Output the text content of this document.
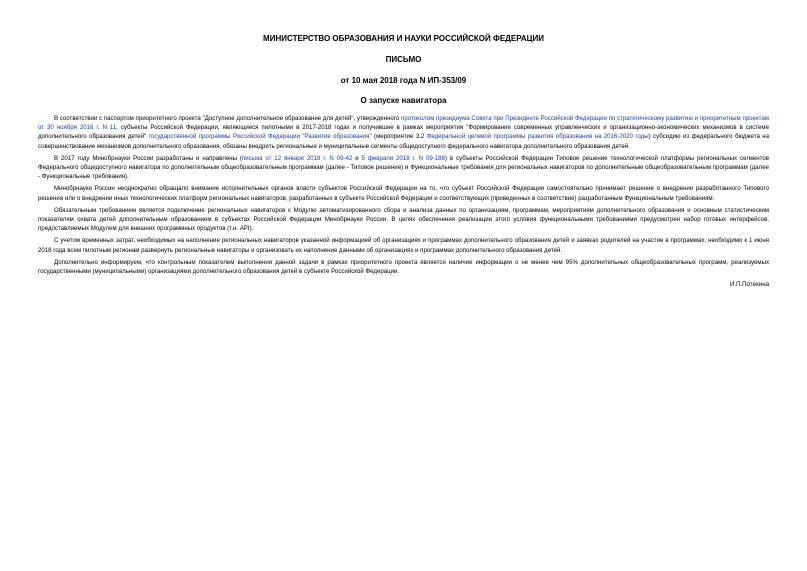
МИНИСТЕРСТВО ОБРАЗОВАНИЯ И НАУКИ РОССИЙСКОЙ ФЕДЕРАЦИИ

ПИСЬМО

от 10 мая 2018 года N ИП-353/09

О запуске навигатора

В соответствии с паспортом приоритетного проекта "Доступное дополнительное образование для детей", утвержденного протоколом президиума Совета при Президенте Российской Федерации по стратегическому развитию и приоритетным проектам от 30 ноября 2016 г. N 11, субъекты Российской Федерации, являющиеся пилотными в 2017-2018 годах и получившие в рамках мероприятия "Формирование современных управленческих и организационно-экономических механизмов в системе дополнительного образования детей" государственной программы Российской Федерации "Развитие образования" (мероприятие 3.2 Федеральной целевой программы развития образования на 2016-2020 годы) субсидию из федерального бюджета на совершенствование механизмов дополнительного образования, обязаны внедрить региональные и муниципальные сегменты общедоступного федерального навигатора дополнительного образования детей.

В 2017 году Минобрнауки России разработаны и направлены (письма от 12 января 2018 г. N 09-42 и 5 февраля 2018 г. N 09-188) в субъекты Российской Федерации Типовое решение технологической платформы региональных сегментов Федерального общедоступного навигатора по дополнительным общеобразовательным программам (далее - Типовое решение) и Функциональные требования для региональных навигаторов по дополнительным общеобразовательным программам (далее - Функциональные требования).

Минобрнауки России неоднократно обращало внимание исполнительных органов власти субъектов Российской Федерации на то, что субъект Российской Федерации самостоятельно принимает решение о внедрении разработанного Типового решения или о внедрении иных технологических платформ региональных навигаторов, разработанных в субъекте Российской Федерации и соответствующих (приведенных в соответствие) разработанным Функциональным требованиям.

Обязательным требованием является подключение региональных навигаторов к Модулю автоматизированного сбора и анализа данных по организациям, программам, мероприятиям дополнительного образования и основным статистическим показателям охвата детей дополнительным образованием в субъектах Российской Федерации Минобрнауки России. В целях обеспечения реализации этого условия функциональными требованиями предусмотрен набор готовых интерфейсов, предоставляемых Модулем для внешних программных продуктов (т.н. API).

С учетом временных затрат, необходимых на наполнение региональных навигаторов указанной информацией об организациях и программах дополнительного образования детей и заявках родителей на участие в программах, необходимо к 1 июня 2018 года всем пилотным регионам развернуть региональные навигаторы и организовать их наполнение данными об организациях и программах дополнительного образования детей.

Дополнительно информируем, что контрольным показателем выполнения данной задачи в рамках приоритетного проекта является наличие информации о не менее чем 95% дополнительных общеобразовательных программ, реализуемых государственными (муниципальными) организациями дополнительного образования детей в субъекте Российской Федерации.

И.П.Потехина
